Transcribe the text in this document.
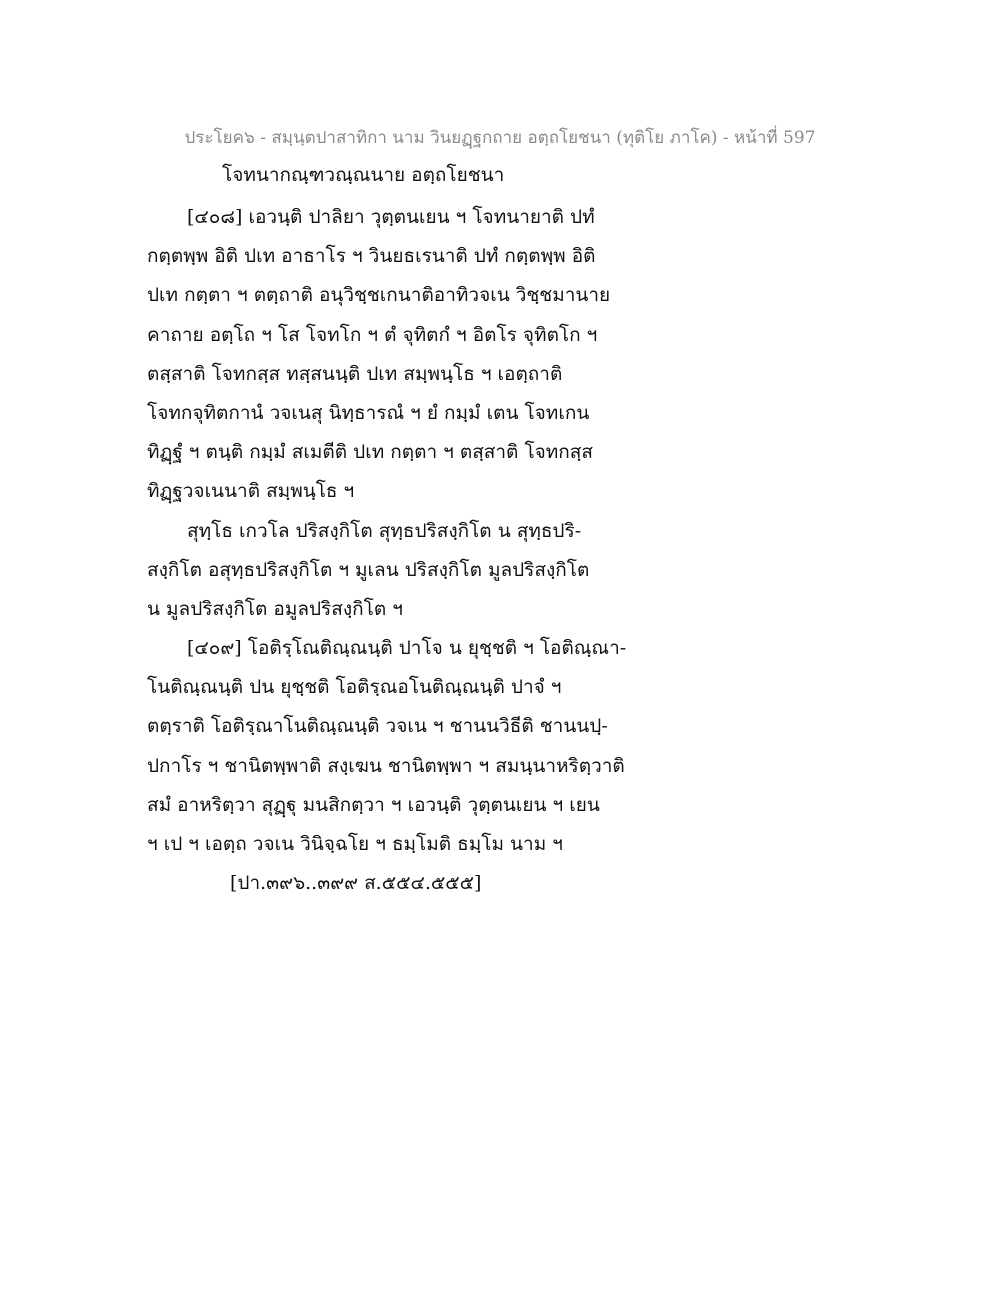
ประโยค๖ - สมฺนฺตปาสาทิกา นาม วินยฏฺฐกถาย อตฺถโยชนา (ทุติโย ภาโค) - หน้าที่ 597
โจทนากณฺฑวณฺณนาย อตฺถโยชนา
[๔๐๘] เอวนฺติ ปาลิยา วุตฺตนเยน ฯ โจทนายาติ ปทํ
กตฺตพฺพ อิติ ปเท อาธาโร ฯ วินยธเรนาติ ปทํ กตฺตพฺพ อิติ
ปเท กตฺตา ฯ ตตฺถาติ อนุวิชฺชเกนาติอาทิวจเน วิชฺชมานาย
คาถาย อตฺโถ ฯ โส โจทโก ฯ ตํ จุทิตกํ ฯ อิตโร จุทิตโก ฯ
ตสฺสาติ โจทกสฺส ทสฺสนนฺติ ปเท สมฺพนฺโธ ฯ เอตฺถาติ
โจทกจุทิตกานํ วจเนสุ นิทฺธารณํ ฯ ยํ กมฺมํ เตน โจทเกน
ทิฏฺฐํ ฯ ตนฺติ กมฺมํ สเมตีติ ปเท กตฺตา ฯ ตสฺสาติ โจทกสฺส
ทิฏฺฐวจเนนาติ สมฺพนฺโธ ฯ
สุทฺโธ เกวโล ปริสงฺกิโต สุทฺธปริสงฺกิโต น สุทฺธปริ-
สงฺกิโต อสุทฺธปริสงฺกิโต ฯ มูเลน ปริสงฺกิโต มูลปริสงฺกิโต
น มูลปริสงฺกิโต อมูลปริสงฺกิโต ฯ
[๔๐๙] โอติรฺโณติณฺณนฺติ ปาโจ น ยุชฺชติ ฯ โอติณฺณา-
โนติณฺณนฺติ ปน ยุชฺชติ โอติรฺณอโนติณฺณนฺติ ปาจํ ฯ
ตตฺราติ โอติรฺณาโนติณฺณนฺติ วจเน ฯ ชานนวิธีติ ชานนปฺ-
ปกาโร ฯ ชานิตพฺพาติ สงฺเฆน ชานิตพฺพา ฯ สมนฺนาหริตฺวาติ
สมํ อาหริตฺวา สุฏฺฐุ มนสิกตฺวา ฯ เอวนฺติ วุตฺตนเยน ฯ เยน
ฯ เป ฯ เอตฺถ วจเน วินิจฺฉโย ฯ ธมฺโมติ ธมฺโม นาม ฯ
[ปา.๓๙๖..๓๙๙ ส.๕๕๔.๕๕๕]
